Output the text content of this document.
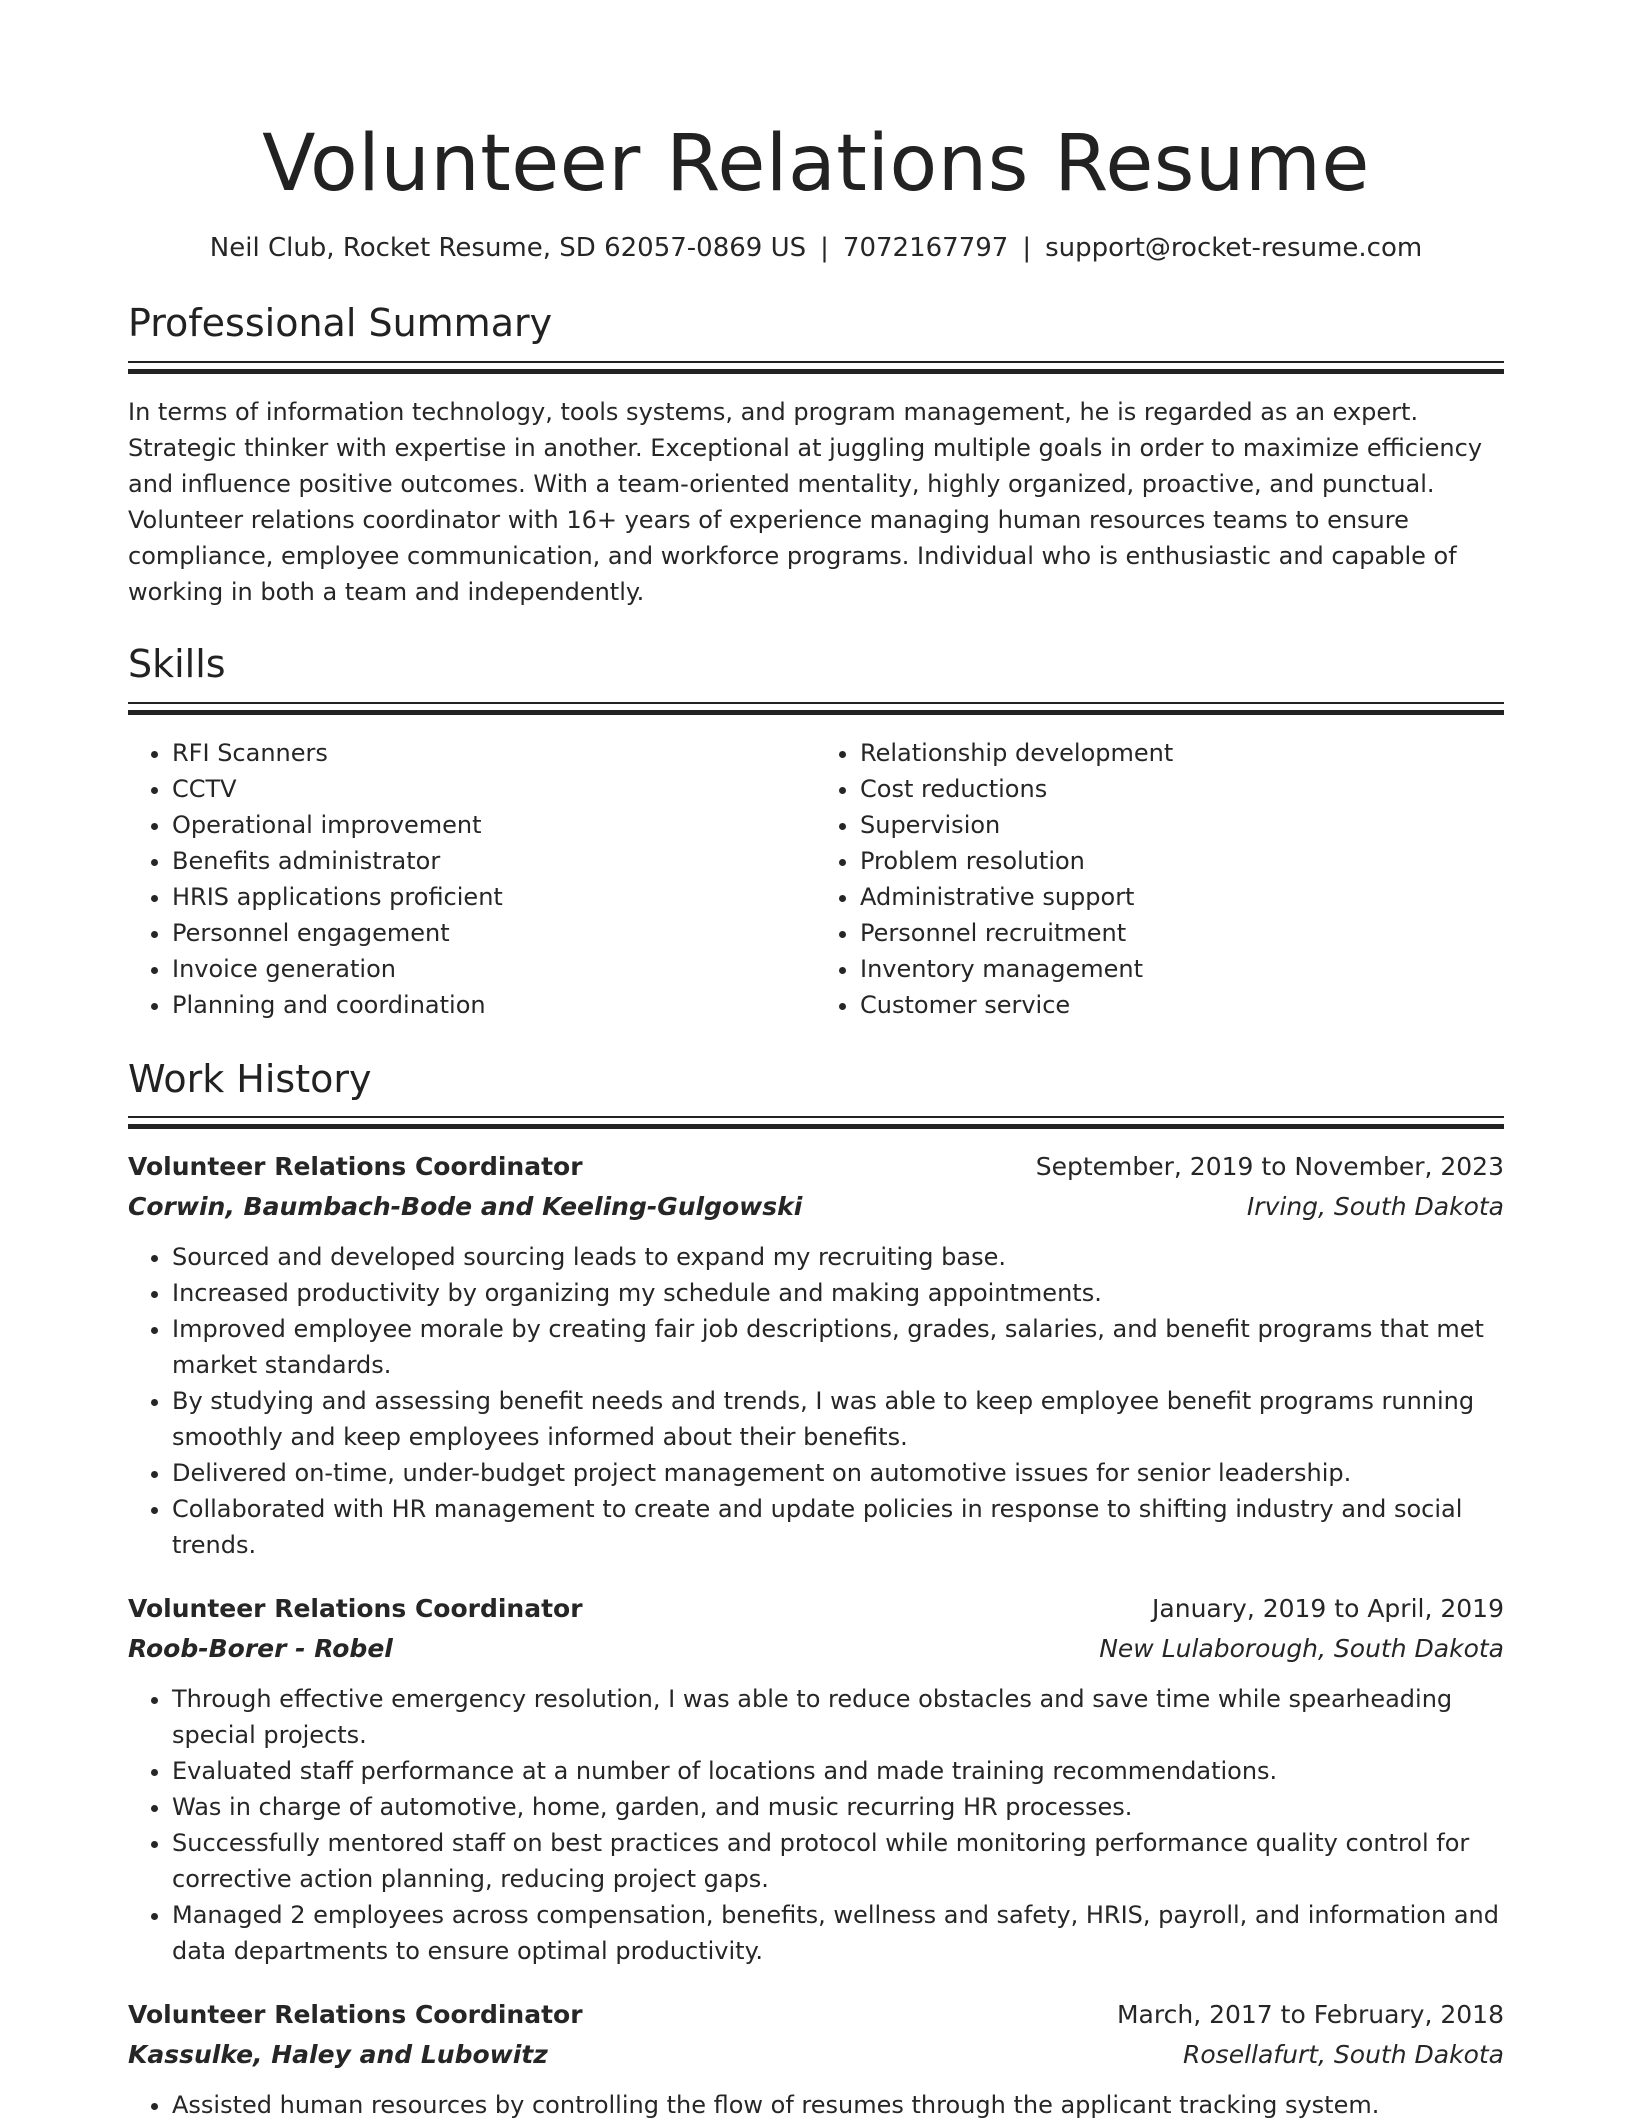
Volunteer Relations Resume
Neil Club, Rocket Resume, SD 62057-0869 US | 7072167797 | support@rocket-resume.com
Professional Summary

In terms of information technology, tools systems, and program management, he is regarded as an expert. Strategic thinker with expertise in another. Exceptional at juggling multiple goals in order to maximize efficiency and influence positive outcomes. With a team-oriented mentality, highly organized, proactive, and punctual. Volunteer relations coordinator with 16+ years of experience managing human resources teams to ensure compliance, employee communication, and workforce programs. Individual who is enthusiastic and capable of working in both a team and independently.

Skills
• RFI Scanners
• CCTV
• Operational improvement
• Benefits administrator
• HRIS applications proficient
• Personnel engagement
• Invoice generation
• Planning and coordination
• Relationship development
• Cost reductions
• Supervision
• Problem resolution
• Administrative support
• Personnel recruitment
• Inventory management
• Customer service
Work History
Volunteer Relations Coordinator	September, 2019 to November, 2023
Corwin, Baumbach-Bode and Keeling-Gulgowski	Irving, South Dakota
• Sourced and developed sourcing leads to expand my recruiting base.
• Increased productivity by organizing my schedule and making appointments.
• Improved employee morale by creating fair job descriptions, grades, salaries, and benefit programs that met market standards.
• By studying and assessing benefit needs and trends, I was able to keep employee benefit programs running smoothly and keep employees informed about their benefits.
• Delivered on-time, under-budget project management on automotive issues for senior leadership.
• Collaborated with HR management to create and update policies in response to shifting industry and social trends.
Volunteer Relations Coordinator	January, 2019 to April, 2019
Roob-Borer - Robel	New Lulaborough, South Dakota
• Through effective emergency resolution, I was able to reduce obstacles and save time while spearheading special projects.
• Evaluated staff performance at a number of locations and made training recommendations.
• Was in charge of automotive, home, garden, and music recurring HR processes.
• Successfully mentored staff on best practices and protocol while monitoring performance quality control for corrective action planning, reducing project gaps.
• Managed 2 employees across compensation, benefits, wellness and safety, HRIS, payroll, and information and data departments to ensure optimal productivity.
Volunteer Relations Coordinator	March, 2017 to February, 2018
Kassulke, Haley and Lubowitz	Rosellafurt, South Dakota
• Assisted human resources by controlling the flow of resumes through the applicant tracking system.
